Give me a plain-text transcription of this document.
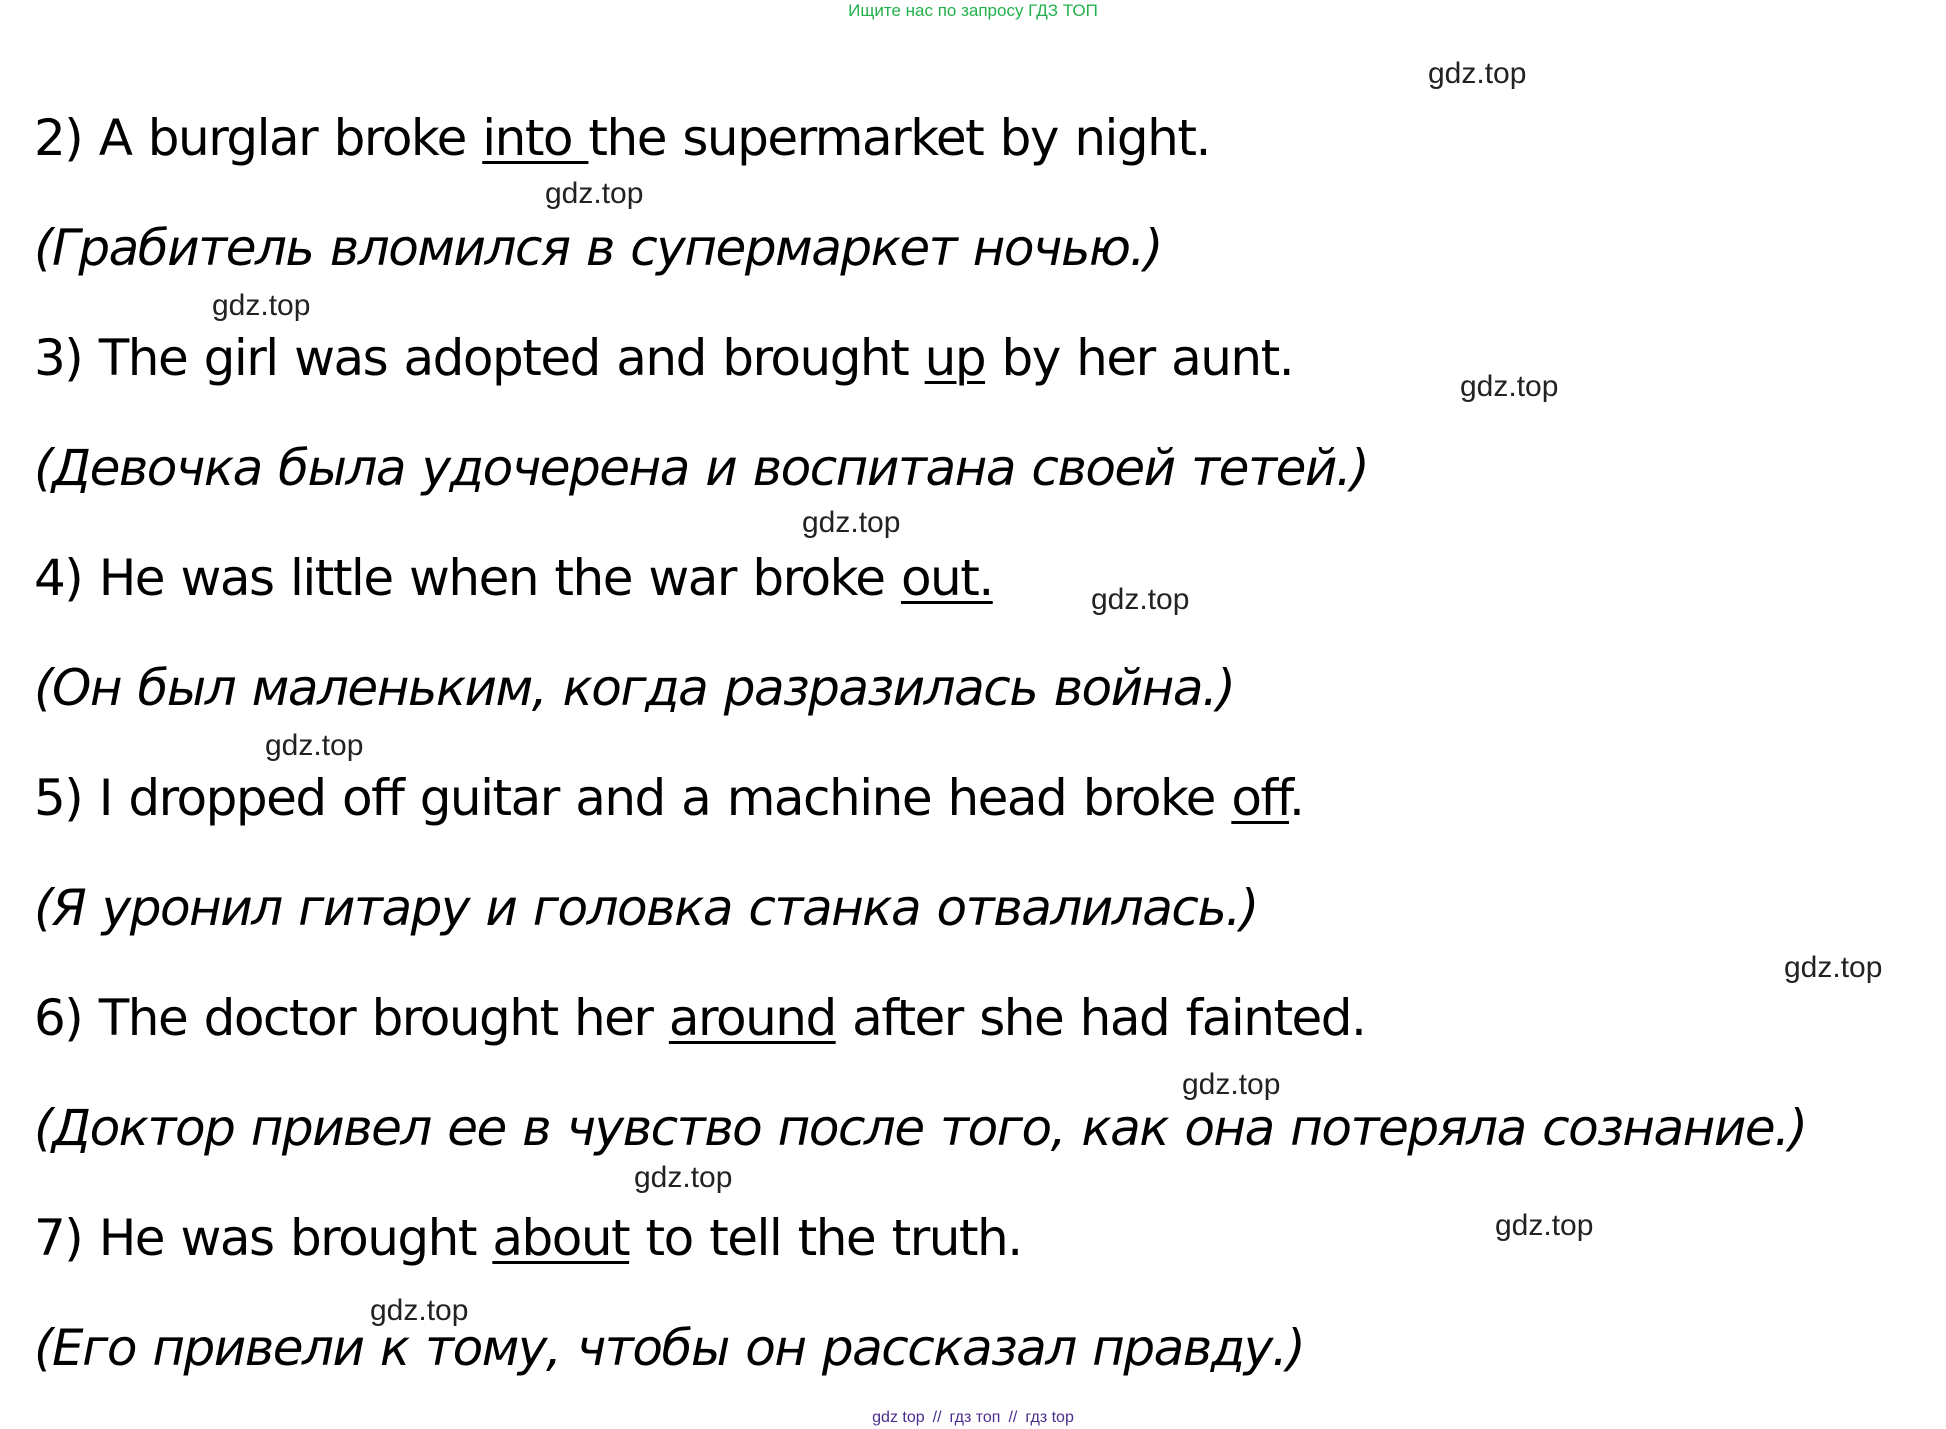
Ищите нас по запросу ГДЗ ТОП
2) A burglar broke into the supermarket by night.
(Грабитель вломился в супермаркет ночью.)
3) The girl was adopted and brought up by her aunt.
(Девочка была удочерена и воспитана своей тетей.)
4) He was little when the war broke out.
(Он был маленьким, когда разразилась война.)
5) I dropped off guitar and a machine head broke off.
(Я уронил гитару и головка станка отвалилась.)
6) The doctor brought her around after she had fainted.
(Доктор привел ее в чувство после того, как она потеряла сознание.)
7) He was brought about to tell the truth.
(Его привели к тому, чтобы он рассказал правду.)
gdz.top
gdz.top
gdz.top
gdz.top
gdz.top
gdz.top
gdz.top
gdz.top
gdz.top
gdz.top
gdz.top
gdz.top
gdz top // гдз топ // гдз top
